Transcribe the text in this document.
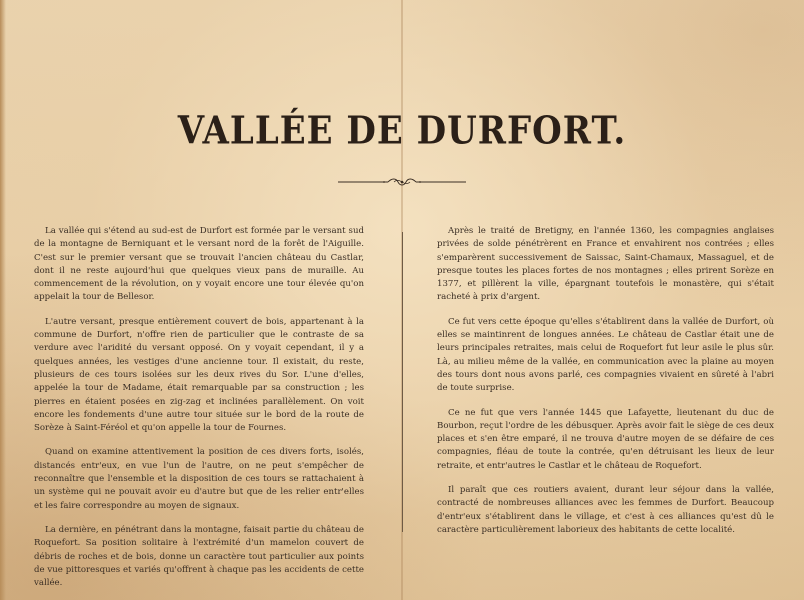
VALLÉE DE DURFORT.

La vallée qui s'étend au sud-est de Durfort est formée par le versant sud de la montagne de Berniquant et le versant nord de la forêt de l'Aiguille. C'est sur le premier versant que se trouvait l'ancien château du Castlar, dont il ne reste aujourd'hui que quelques vieux pans de muraille. Au commencement de la révolution, on y voyait encore une tour élevée qu'on appelait la tour de Bellesor.

L'autre versant, presque entièrement couvert de bois, appartenant à la commune de Durfort, n'offre rien de particulier que le contraste de sa verdure avec l'aridité du versant opposé. On y voyait cependant, il y a quelques années, les vestiges d'une ancienne tour. Il existait, du reste, plusieurs de ces tours isolées sur les deux rives du Sor. L'une d'elles, appelée la tour de Madame, était remarquable par sa construction ; les pierres en étaient posées en zig-zag et inclinées parallèlement. On voit encore les fondements d'une autre tour située sur le bord de la route de Sorèze à Saint-Féréol et qu'on appelle la tour de Fournes.

Quand on examine attentivement la position de ces divers forts, isolés, distancés entr'eux, en vue l'un de l'autre, on ne peut s'empêcher de reconnaître que l'ensemble et la disposition de ces tours se rattachaient à un système qui ne pouvait avoir eu d'autre but que de les relier entr'elles et les faire correspondre au moyen de signaux.

La dernière, en pénétrant dans la montagne, faisait partie du château de Roquefort. Sa position solitaire à l'extrémité d'un mamelon couvert de débris de roches et de bois, donne un caractère tout particulier aux points de vue pittoresques et variés qu'offrent à chaque pas les accidents de cette vallée.

Après le traité de Bretigny, en l'année 1360, les compagnies anglaises privées de solde pénétrèrent en France et envahirent nos contrées ; elles s'emparèrent successivement de Saissac, Saint-Chamaux, Massaguel, et de presque toutes les places fortes de nos montagnes ; elles prirent Sorèze en 1377, et pillèrent la ville, épargnant toutefois le monastère, qui s'était racheté à prix d'argent.

Ce fut vers cette époque qu'elles s'établirent dans la vallée de Durfort, où elles se maintinrent de longues années. Le château de Castlar était une de leurs principales retraites, mais celui de Roquefort fut leur asile le plus sûr. Là, au milieu même de la vallée, en communication avec la plaine au moyen des tours dont nous avons parlé, ces compagnies vivaient en sûreté à l'abri de toute surprise.

Ce ne fut que vers l'année 1445 que Lafayette, lieutenant du duc de Bourbon, reçut l'ordre de les débusquer. Après avoir fait le siège de ces deux places et s'en être emparé, il ne trouva d'autre moyen de se défaire de ces compagnies, fléau de toute la contrée, qu'en détruisant les lieux de leur retraite, et entr'autres le Castlar et le château de Roquefort.

Il paraît que ces routiers avaient, durant leur séjour dans la vallée, contracté de nombreuses alliances avec les femmes de Durfort. Beaucoup d'entr'eux s'établirent dans le village, et c'est à ces alliances qu'est dû le caractère particulièrement laborieux des habitants de cette localité.
